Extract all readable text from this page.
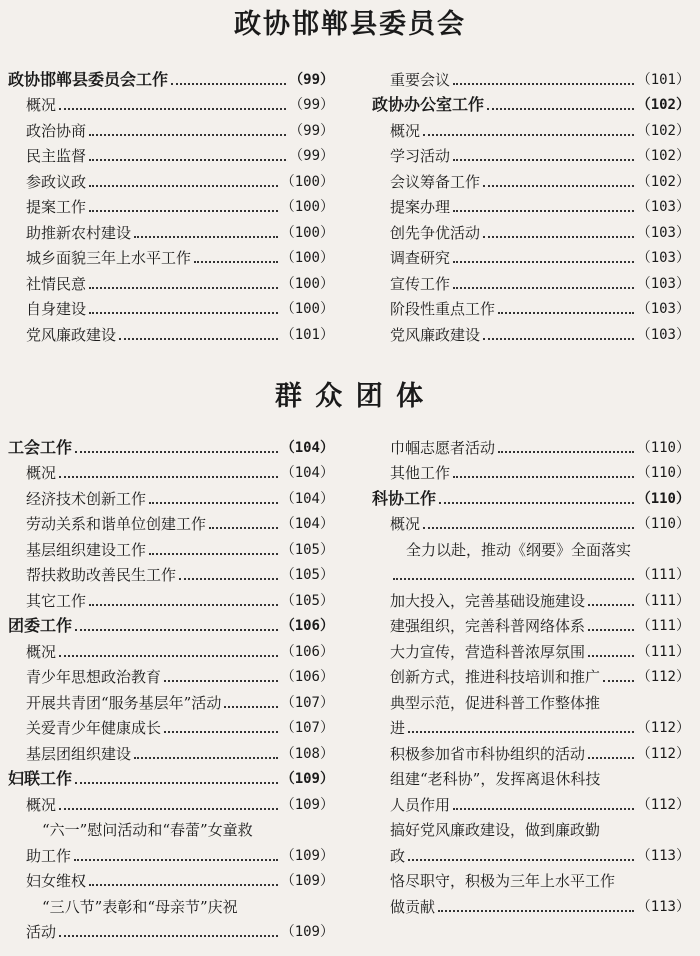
政协邯郸县委员会
政协邯郸县委员会工作	（99）
概况	（99）
政治协商	（99）
民主监督	（99）
参政议政	（100）
提案工作	（100）
助推新农村建设	（100）
城乡面貌三年上水平工作	（100）
社情民意	（100）
自身建设	（100）
党风廉政建设	（101）
重要会议	（101）
政协办公室工作	（102）
概况	（102）
学习活动	（102）
会议筹备工作	（102）
提案办理	（103）
创先争优活动	（103）
调查研究	（103）
宣传工作	（103）
阶段性重点工作	（103）
党风廉政建设	（103）
群 众 团 体
工会工作	（104）
概况	（104）
经济技术创新工作	（104）
劳动关系和谐单位创建工作	（104）
基层组织建设工作	（105）
帮扶救助改善民生工作	（105）
其它工作	（105）
团委工作	（106）
概况	（106）
青少年思想政治教育	（106）
开展共青团“服务基层年”活动	（107）
关爱青少年健康成长	（107）
基层团组织建设	（108）
妇联工作	（109）
概况	（109）
“六一”慰问活动和“春蕾”女童救
助工作	（109）
妇女维权	（109）
“三八节”表彰和“母亲节”庆祝
活动	（109）
巾帼志愿者活动	（110）
其他工作	（110）
科协工作	（110）
概况	（110）
全力以赴，推动《纲要》全面落实
（111）
加大投入，完善基础设施建设	（111）
建强组织，完善科普网络体系	（111）
大力宣传，营造科普浓厚氛围	（111）
创新方式，推进科技培训和推广	（112）
典型示范，促进科普工作整体推
进	（112）
积极参加省市科协组织的活动	（112）
组建“老科协”，发挥离退休科技
人员作用	（112）
搞好党风廉政建设，做到廉政勤
政	（113）
恪尽职守，积极为三年上水平工作
做贡献	（113）
